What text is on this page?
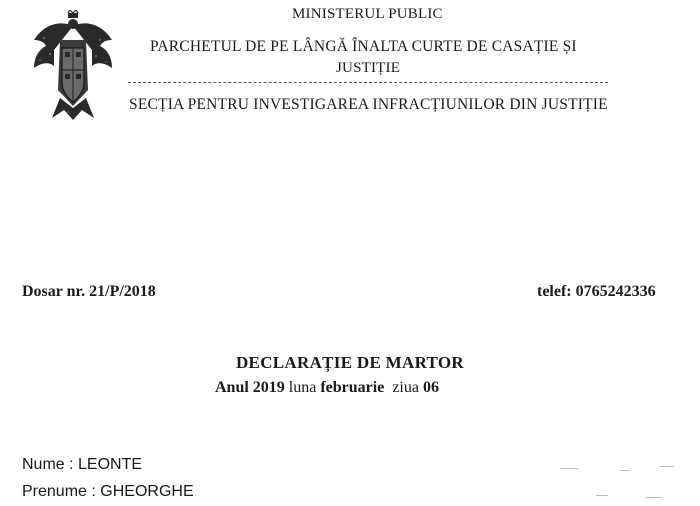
MINISTERUL PUBLIC
PARCHETUL DE PE LÂNGĂ ÎNALTA CURTE DE CASAȚIE ȘI
JUSTIȚIE
SECȚIA PENTRU INVESTIGAREA INFRACȚIUNILOR DIN JUSTIȚIE
Dosar nr. 21/P/2018	telef: 0765242336
DECLARAȚIE DE MARTOR
Anul 2019 luna februarie ziua 06
Nume : LEONTE
Prenume : GHEORGHE
